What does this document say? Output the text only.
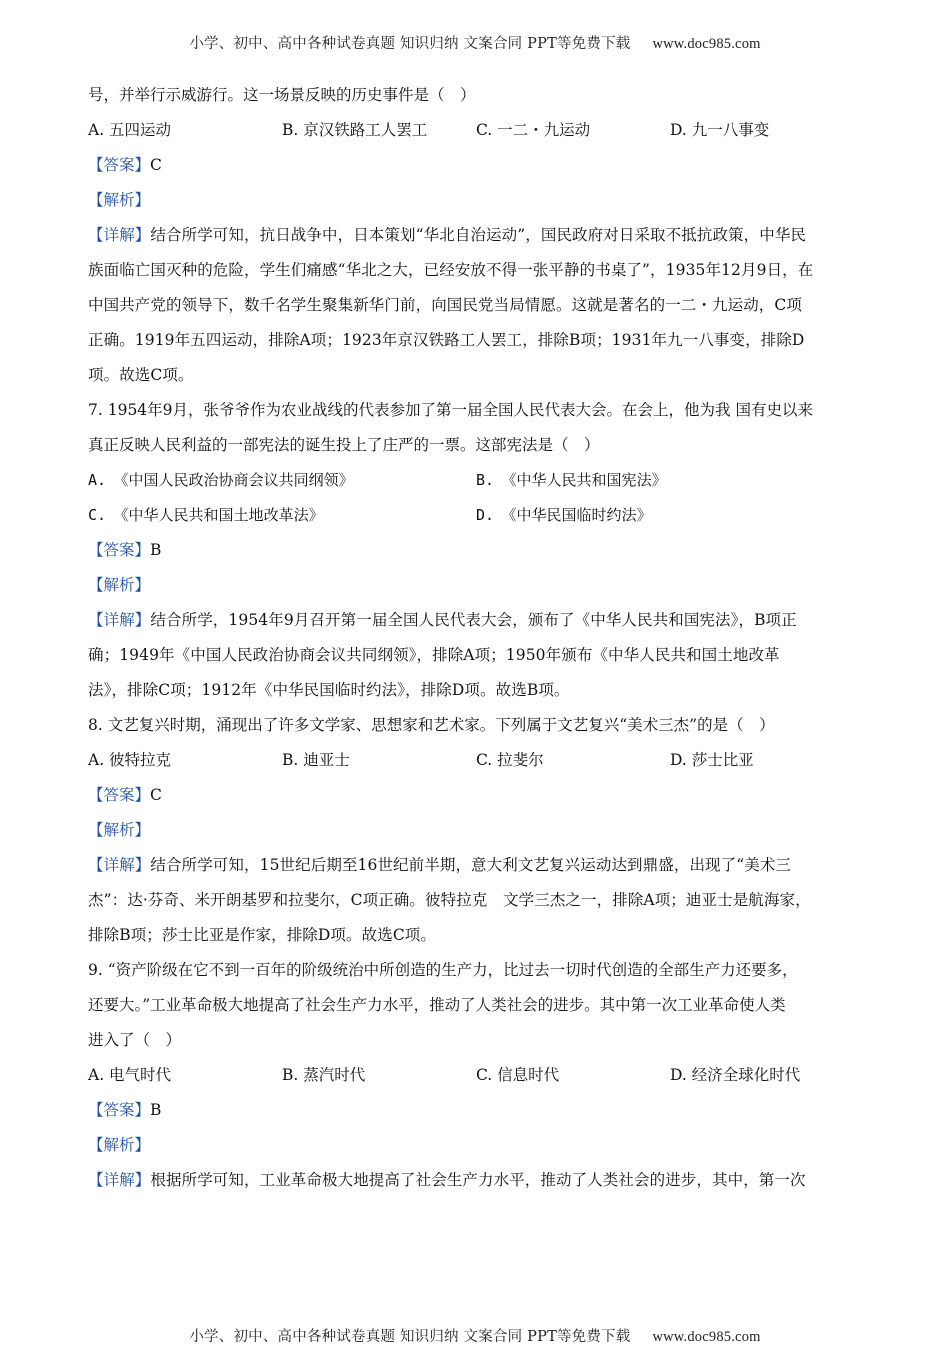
小学、初中、高中各种试卷真题 知识归纳 文案合同 PPT等免费下载 www.doc985.com
号，并举行示威游行。这一场景反映的历史事件是（　）
A. 五四运动	B. 京汉铁路工人罢工	C. 一二・九运动	D. 九一八事变
【答案】C
【解析】
【详解】结合所学可知，抗日战争中，日本策划“华北自治运动”，国民政府对日采取不抵抗政策，中华民
族面临亡国灭种的危险，学生们痛感“华北之大，已经安放不得一张平静的书桌了”，1935年12月9日，在
中国共产党的领导下，数千名学生聚集新华门前，向国民党当局情愿。这就是著名的一二・九运动，C项
正确。1919年五四运动，排除A项；1923年京汉铁路工人罢工，排除B项；1931年九一八事变，排除D
项。故选C项。
7. 1954年9月，张爷爷作为农业战线的代表参加了第一届全国人民代表大会。在会上，他为我 国有史以来
真正反映人民利益的一部宪法的诞生投上了庄严的一票。这部宪法是（　）
A.　《中国人民政治协商会议共同纲领》	B.　《中华人民共和国宪法》
C.　《中华人民共和国土地改革法》	D.　《中华民国临时约法》
【答案】B
【解析】
【详解】结合所学，1954年9月召开第一届全国人民代表大会，颁布了《中华人民共和国宪法》，B项正
确；1949年《中国人民政治协商会议共同纲领》，排除A项；1950年颁布《中华人民共和国土地改革
法》，排除C项；1912年《中华民国临时约法》，排除D项。故选B项。
8. 文艺复兴时期，涌现出了许多文学家、思想家和艺术家。下列属于文艺复兴“美术三杰”的是（　）
A. 彼特拉克	B. 迪亚士	C. 拉斐尔	D. 莎士比亚
【答案】C
【解析】
【详解】结合所学可知，15世纪后期至16世纪前半期，意大利文艺复兴运动达到鼎盛，出现了“美术三
杰”：达·芬奇、米开朗基罗和拉斐尔，C项正确。彼特拉克　文学三杰之一，排除A项；迪亚士是航海家，
排除B项；莎士比亚是作家，排除D项。故选C项。
9. “资产阶级在它不到一百年的阶级统治中所创造的生产力，比过去一切时代创造的全部生产力还要多，
还要大。”工业革命极大地提高了社会生产力水平，推动了人类社会的进步。其中第一次工业革命使人类
进入了（　）
A. 电气时代	B. 蒸汽时代	C. 信息时代	D. 经济全球化时代
【答案】B
【解析】
【详解】根据所学可知，工业革命极大地提高了社会生产力水平，推动了人类社会的进步，其中，第一次
小学、初中、高中各种试卷真题 知识归纳 文案合同 PPT等免费下载 www.doc985.com
